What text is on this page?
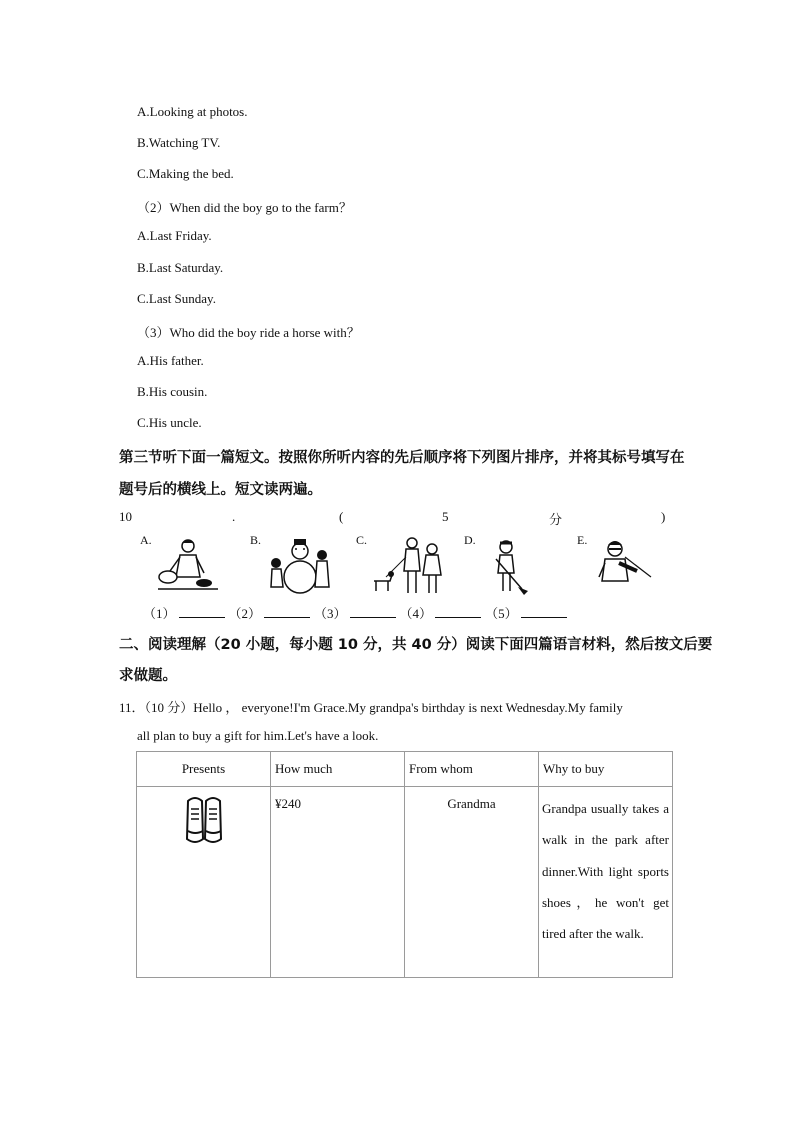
A.Looking at photos.
B.Watching TV.
C.Making the bed.
（2）When did the boy go to the farm？
A.Last Friday.
B.Last Saturday.
C.Last Sunday.
（3）Who did the boy ride a horse with？
A.His father.
B.His cousin.
C.His uncle.
第三节听下面一篇短文。按照你所听内容的先后顺序将下列图片排序，并将其标号填写在
题号后的横线上。短文读两遍。
10	.	(	5	分	)
A.	B.	C.	D.	E.
（1）	（2）	（3）	（4）	（5）
二、阅读理解（20 小题，每小题 10 分，共 40 分）阅读下面四篇语言材料，然后按文后要
求做题。
11．（10 分）Hello ， everyone!I'm Grace.My grandpa's birthday is next Wednesday.My family
all plan to buy a gift for him.Let's have a look.
Presents	How much	From whom	Why to buy
	¥240	Grandma	Grandpa usually takes a walk in the park after dinner.With light sports shoes，he won't get tired after the walk.
